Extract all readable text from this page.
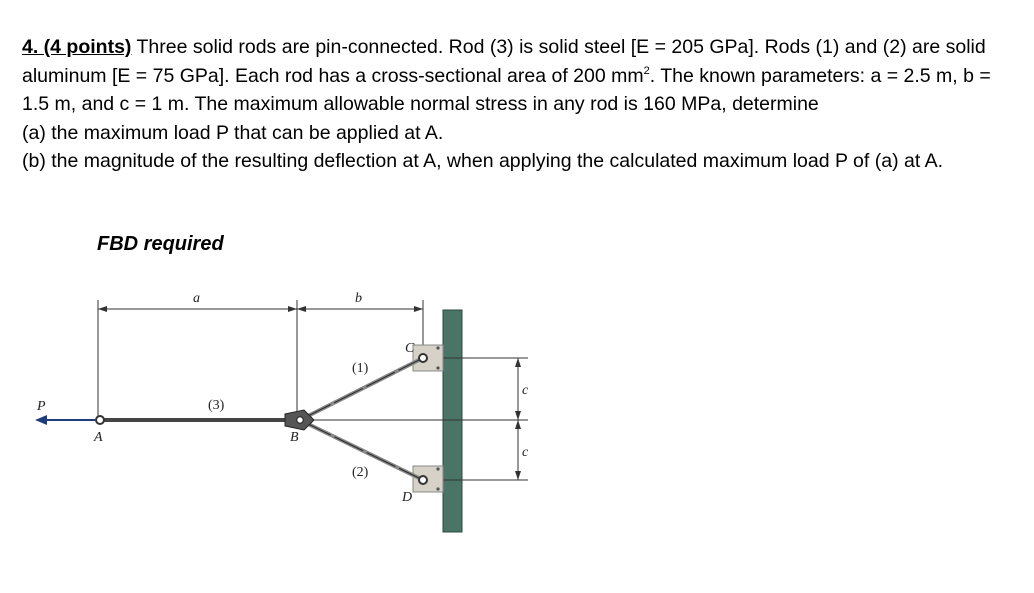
4. (4 points) Three solid rods are pin-connected. Rod (3) is solid steel [E = 205 GPa]. Rods (1) and (2) are solid aluminum [E = 75 GPa]. Each rod has a cross-sectional area of 200 $mm^2$. The known parameters: a = 2.5 m, b = 1.5 m, and c = 1 m. The maximum allowable normal stress in any rod is 160 MPa, determine
(a) the maximum load P that can be applied at A.
(b) the magnitude of the resulting deflection at A, when applying the calculated maximum load P of (a) at A.
FBD required
a	b
c
c
P
A	B
C
D
(1)
(2)
(3)
